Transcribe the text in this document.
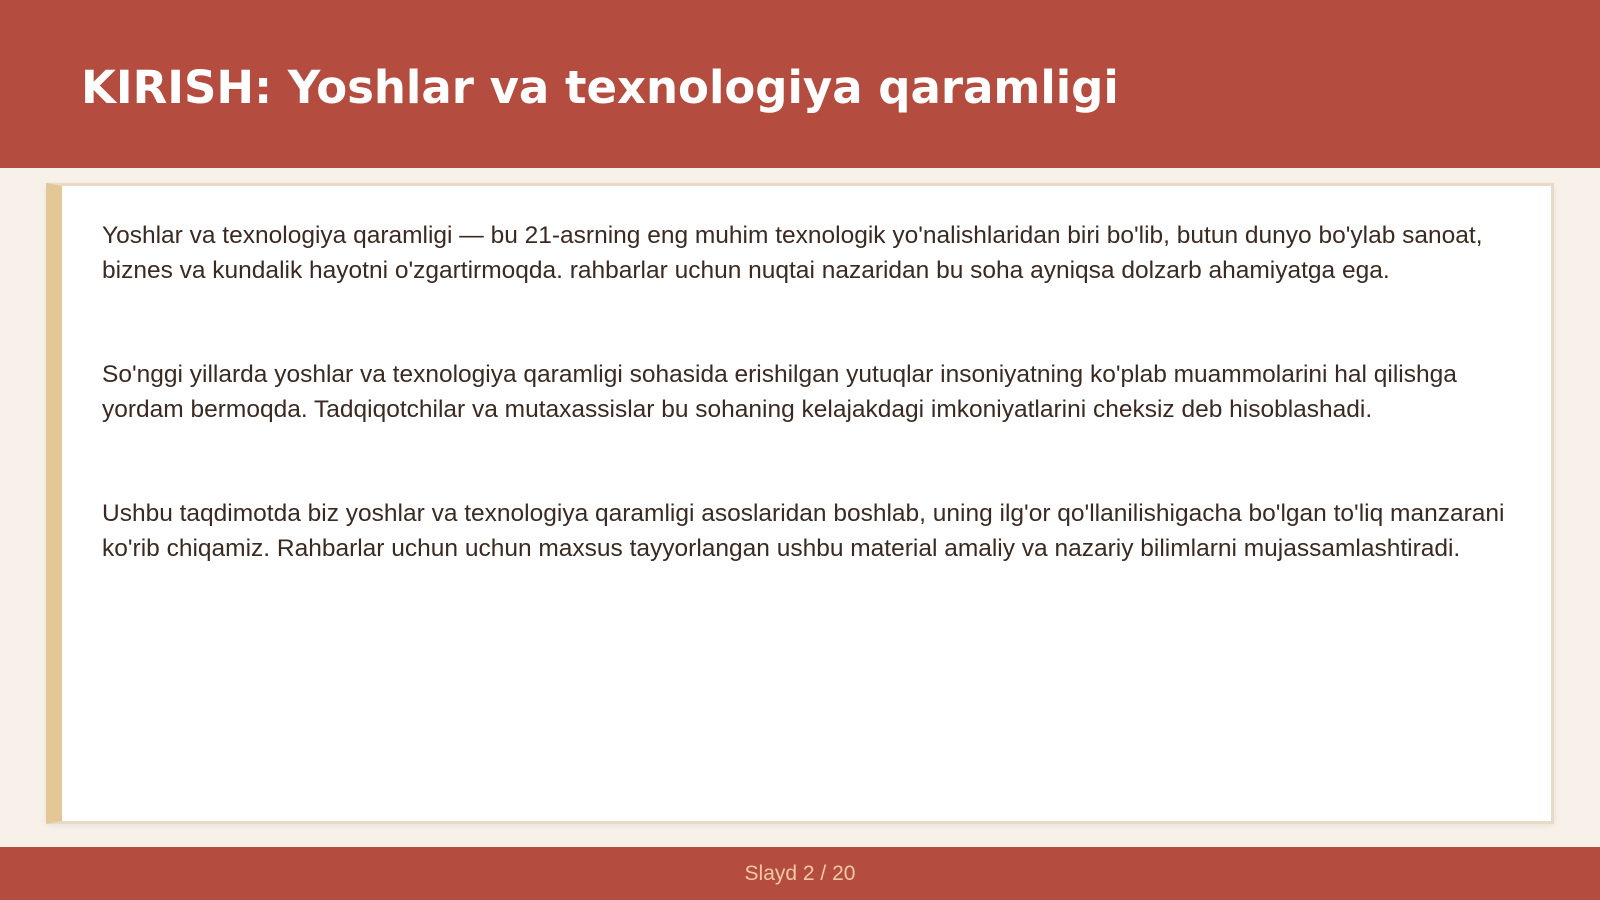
KIRISH: Yoshlar va texnologiya qaramligi

Yoshlar va texnologiya qaramligi — bu 21-asrning eng muhim texnologik yo'nalishlaridan biri bo'lib, butun dunyo bo'ylab sanoat, biznes va kundalik hayotni o'zgartirmoqda. rahbarlar uchun nuqtai nazaridan bu soha ayniqsa dolzarb ahamiyatga ega.

So'nggi yillarda yoshlar va texnologiya qaramligi sohasida erishilgan yutuqlar insoniyatning ko'plab muammolarini hal qilishga yordam bermoqda. Tadqiqotchilar va mutaxassislar bu sohaning kelajakdagi imkoniyatlarini cheksiz deb hisoblashadi.

Ushbu taqdimotda biz yoshlar va texnologiya qaramligi asoslaridan boshlab, uning ilg'or qo'llanilishigacha bo'lgan to'liq manzarani ko'rib chiqamiz. Rahbarlar uchun uchun maxsus tayyorlangan ushbu material amaliy va nazariy bilimlarni mujassamlashtiradi.

Slayd 2 / 20
